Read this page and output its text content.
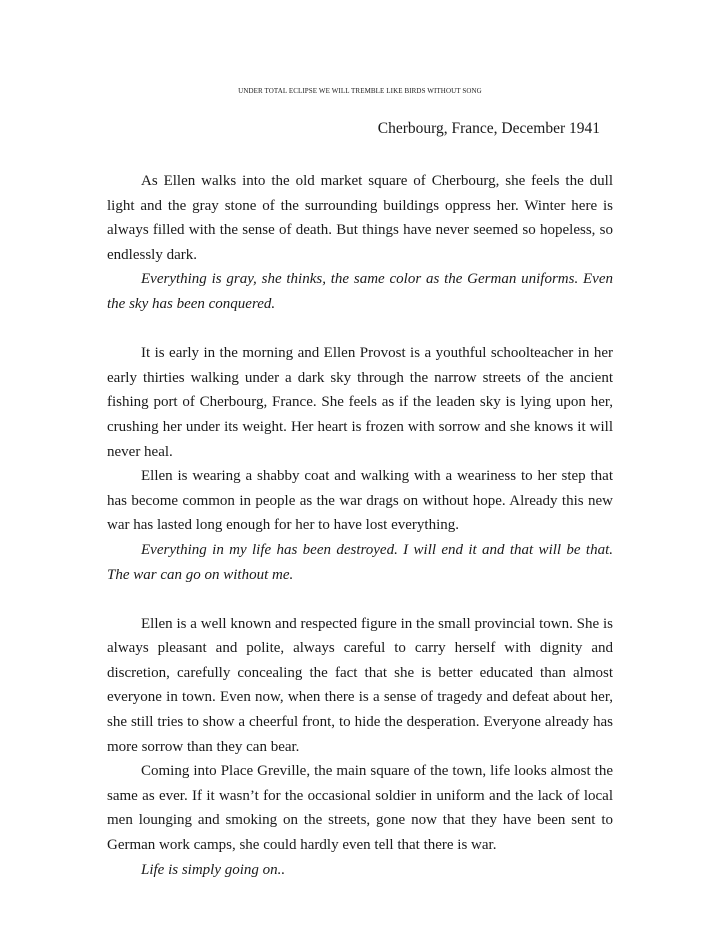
UNDER TOTAL ECLIPSE WE WILL TREMBLE LIKE BIRDS WITHOUT SONG
Cherbourg, France, December 1941

As Ellen walks into the old market square of Cherbourg, she feels the dull light and the gray stone of the surrounding buildings oppress her. Winter here is always filled with the sense of death. But things have never seemed so hopeless, so endlessly dark.

Everything is gray, she thinks, the same color as the German uniforms. Even the sky has been conquered.

It is early in the morning and Ellen Provost is a youthful schoolteacher in her early thirties walking under a dark sky through the narrow streets of the ancient fishing port of Cherbourg, France. She feels as if the leaden sky is lying upon her, crushing her under its weight. Her heart is frozen with sorrow and she knows it will never heal.

Ellen is wearing a shabby coat and walking with a weariness to her step that has become common in people as the war drags on without hope. Already this new war has lasted long enough for her to have lost everything.

Everything in my life has been destroyed. I will end it and that will be that. The war can go on without me.

Ellen is a well known and respected figure in the small provincial town. She is always pleasant and polite, always careful to carry herself with dignity and discretion, carefully concealing the fact that she is better educated than almost everyone in town. Even now, when there is a sense of tragedy and defeat about her, she still tries to show a cheerful front, to hide the desperation. Everyone already has more sorrow than they can bear.

Coming into Place Greville, the main square of the town, life looks almost the same as ever. If it wasn’t for the occasional soldier in uniform and the lack of local men lounging and smoking on the streets, gone now that they have been sent to German work camps, she could hardly even tell that there is war.

Life is simply going on..
